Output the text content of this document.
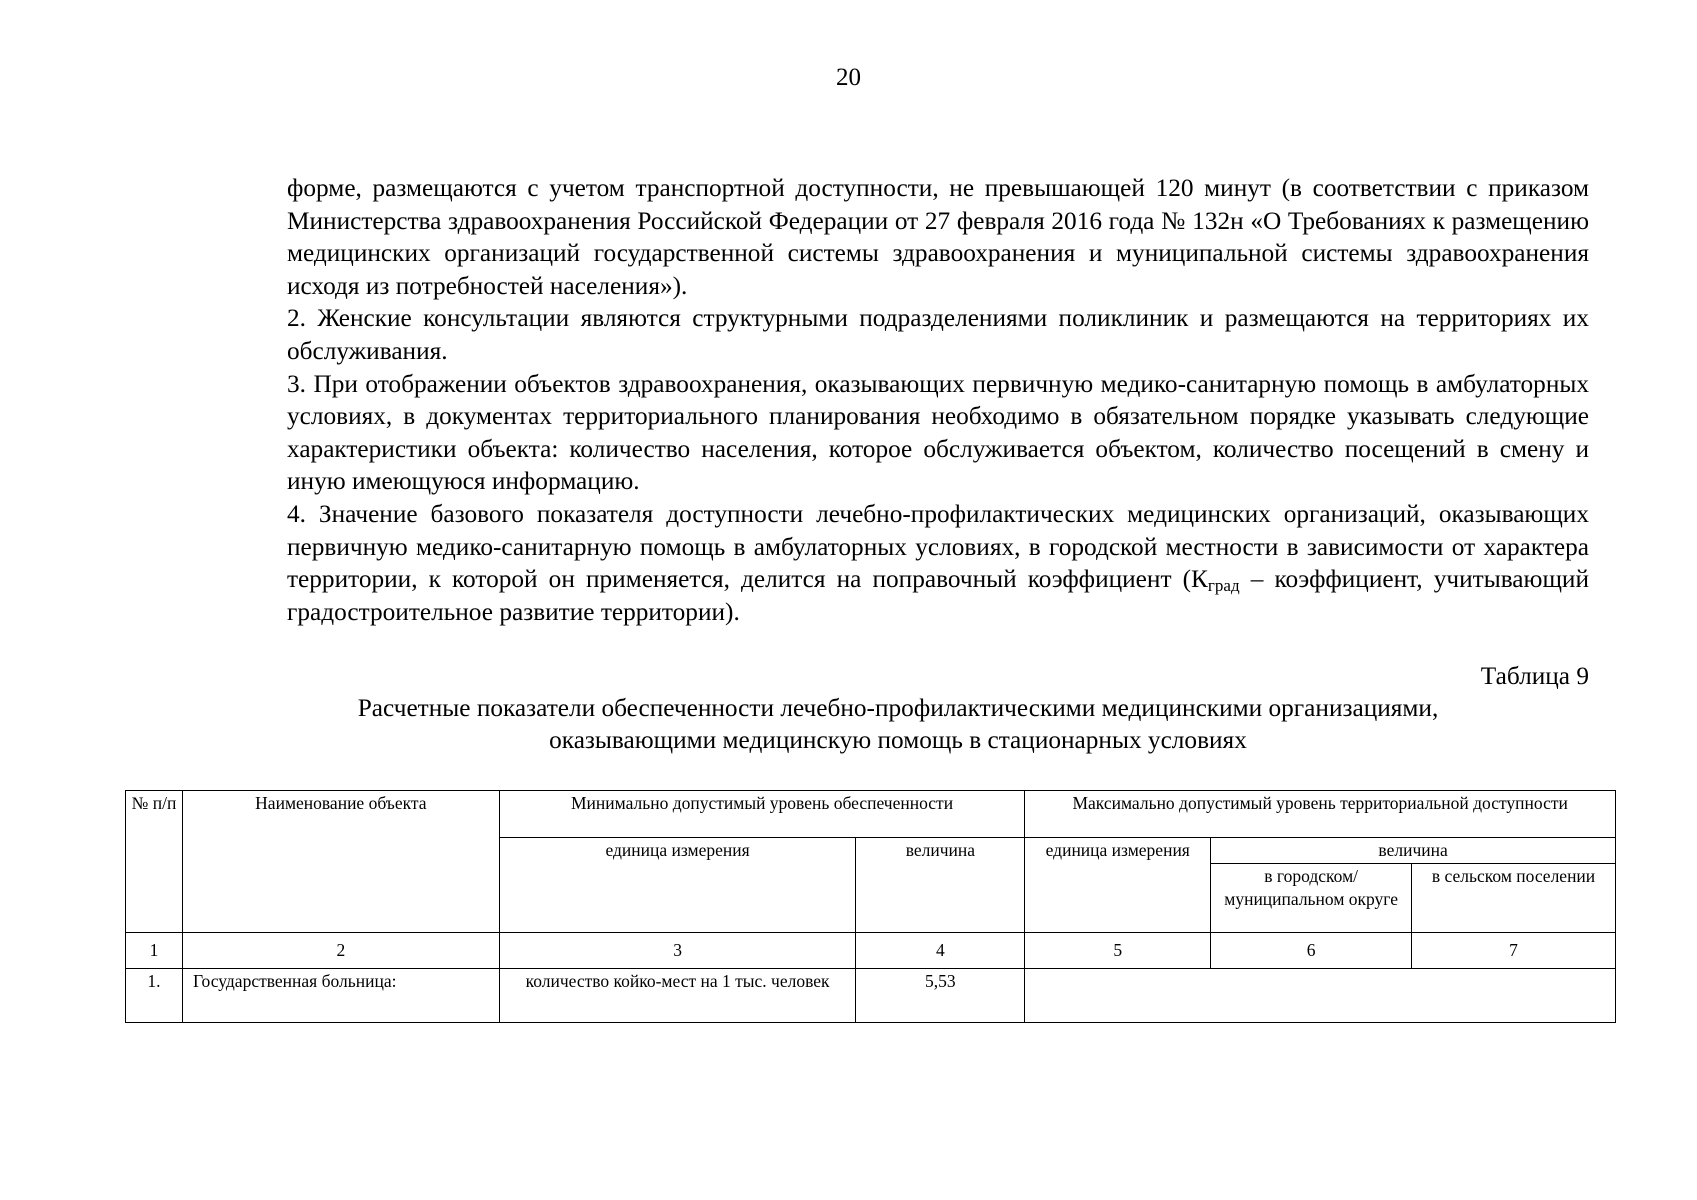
20

форме, размещаются с учетом транспортной доступности, не превышающей 120 минут (в соответствии с приказом Министерства здравоохранения Российской Федерации от 27 февраля 2016 года № 132н «О Требованиях к размещению медицинских организаций государственной системы здравоохранения и муниципальной системы здравоохранения исходя из потребностей населения»).

2. Женские консультации являются структурными подразделениями поликлиник и размещаются на территориях их обслуживания.

3. При отображении объектов здравоохранения, оказывающих первичную медико-санитарную помощь в амбулаторных условиях, в документах территориального планирования необходимо в обязательном порядке указывать следующие характеристики объекта: количество населения, которое обслуживается объектом, количество посещений в смену и иную имеющуюся информацию.

4. Значение базового показателя доступности лечебно-профилактических медицинских организаций, оказывающих первичную медико-санитарную помощь в амбулаторных условиях, в городской местности в зависимости от характера территории, к которой он применяется, делится на поправочный коэффициент ($К_{град}$ – коэффициент, учитывающий градостроительное развитие территории).

Таблица 9
Расчетные показатели обеспеченности лечебно-профилактическими медицинскими организациями,
оказывающими медицинскую помощь в стационарных условиях
№ п/п	Наименование объекта	Минимально допустимый уровень обеспеченности		Максимально допустимый уровень территориальной доступности		
		единица измерения	величина	единица измерения	величина	
					в городском/ муниципальном округе	в сельском поселении
1	2	3	4	5	6	7
1.	Государственная больница:	количество койко-мест на 1 тыс. человек	5,53			
